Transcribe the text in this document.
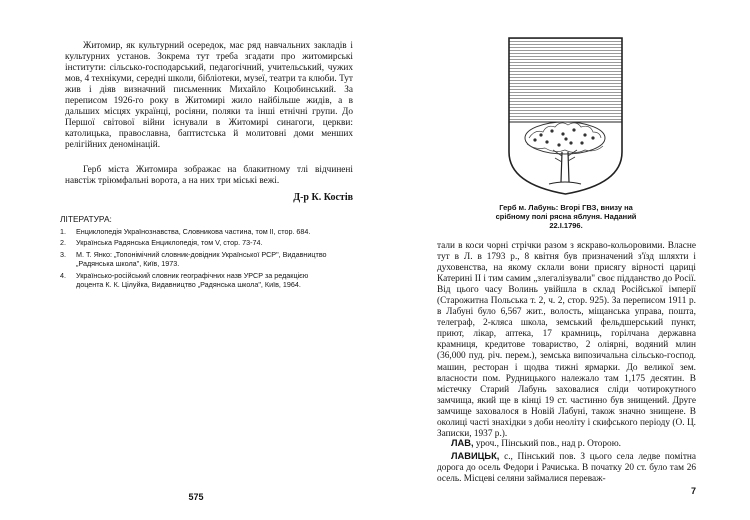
Житомир, як культурний осередок, має ряд навчальних закладів і культурних установ. Зокрема тут треба згадати про житомирські інститути: сільсько-господарський, педагогічний, учительський, чужих мов, 4 технікуми, середні школи, бібліотеки, музеї, театри та клюби. Тут жив і діяв визначний письменник Михайло Коцюбинський. За переписом 1926-го року в Житомирі жило найбільше жидів, а в дальших місцях українці, росіяни, поляки та інші етнічні групи. До Першої світової війни існували в Житомирі синагоги, церкви: католицька, православна, баптистська й молитовні доми менших релігійних деномінацій.

Герб міста Житомира зображає на блакитному тлі відчинені навстіж тріюмфальні ворота, а на них три міські вежі.

Д-р К. Костів

ЛІТЕРАТУРА:

1. Енциклопедія Українознавства, Словникова частина, том II, стор. 684.
2. Українська Радянська Енциклопедія, том V, стор. 73-74.
3. М. Т. Янко: „Топонімічний словник-довідник Української РСР", Видавництво „Радянська школа", Київ, 1973.
4. Українсько-російський словник географічних назв УРСР за редакцією доцента К. К. Цілуйка, Видавництво „Радянська школа", Київ, 1964.
575

Герб м. Лабунь: Вгорі ГВЗ, внизу на срібному полі рясна яблуня. Наданий 22.I.1796.

тали в коси чорні стрічки разом з яскраво-кольоровими. Власне тут в Л. в 1793 р., 8 квітня був призначений з'їзд шляхти і духовенства, на якому склали вони присягу вірності цариці Катерині II і тим самим „злегалізували" своє підданство до Росії. Від цього часу Волинь увійшла в склад Російської імперії (Старожитна Польська т. 2, ч. 2, стор. 925). За переписом 1911 р. в Лабуні було 6,567 жит., волость, міщанська управа, пошта, телеграф, 2-кляса школа, земський фельдшерський пункт, приют, лікар, аптека, 17 крамниць, горілчана державна крамниця, кредитове товариство, 2 олiярнi, водяний млин (36,000 пуд. річ. перем.), земська випозичальна сільсько-господ. машин, ресторан і щодва тижні ярмарки. До великої зем. власности пом. Рудницького належало там 1,175 десятин. В містечку Старий Лабунь заховалися сліди чотирокутного замчища, який ще в кінці 19 ст. частинно був знищений. Друге замчище заховалося в Новій Лабуні, також значно знищене. В околиці часті знахідки з доби неоліту і скифського періоду (О. Ц. Записки, 1937 р.).

ЛАВ, уроч., Пінський пов., над р. Оторою.

ЛАВИЦЬК, с., Пінський пов. З цього села ледве помітна дорога до осель Федори і Рачиська. В початку 20 ст. було там 26 осель. Місцеві селяни займалися переваж-

7
